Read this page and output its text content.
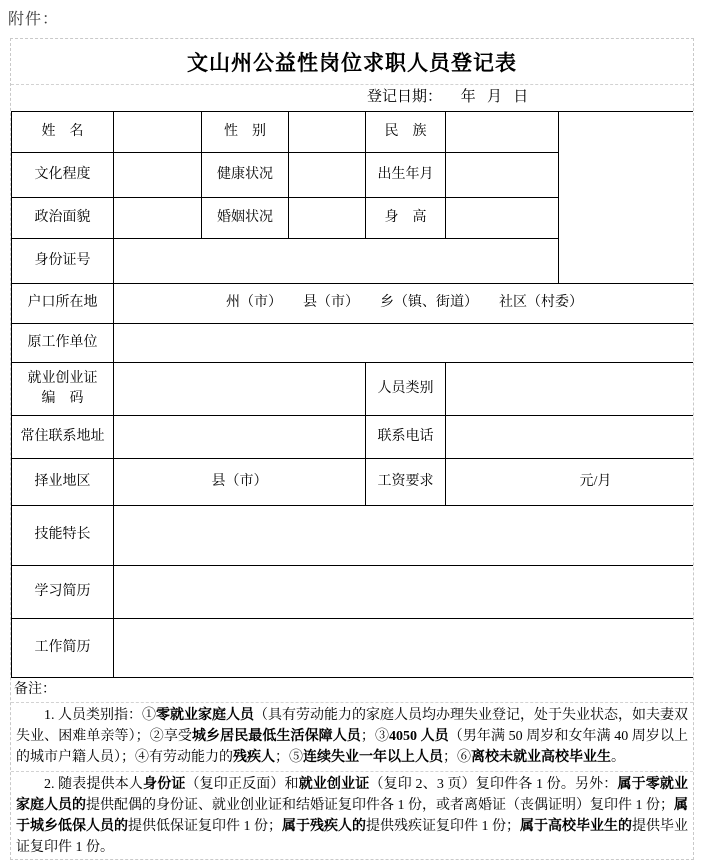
附件：
文山州公益性岗位求职人员登记表
登记日期：     年   月   日
姓　名		性　别		民　族		
文化程度		健康状况		出生年月		
政治面貌		婚姻状况		身　高		
身份证号						
户口所在地	州（市）　　县（市）　　乡（镇、街道）　　社区（村委）					
原工作单位						

就业创业证
编　码				人员类别		
常住联系地址				联系电话		
择业地区	县（市）			工资要求	元/月	
技能特长						
学习简历						
工作简历						
备注：
1. 人员类别指：①零就业家庭人员（具有劳动能力的家庭人员均办理失业登记，处于失业状态，如夫妻双失业、困难单亲等）；②享受城乡居民最低生活保障人员；③4050 人员（男年满 50 周岁和女年满 40 周岁以上的城市户籍人员）；④有劳动能力的残疾人；⑤连续失业一年以上人员；⑥离校未就业高校毕业生。
2. 随表提供本人身份证（复印正反面）和就业创业证（复印 2、3 页）复印件各 1 份。另外：属于零就业家庭人员的提供配偶的身份证、就业创业证和结婚证复印件各 1 份，或者离婚证（丧偶证明）复印件 1 份；属于城乡低保人员的提供低保证复印件 1 份；属于残疾人的提供残疾证复印件 1 份；属于高校毕业生的提供毕业证复印件 1 份。
